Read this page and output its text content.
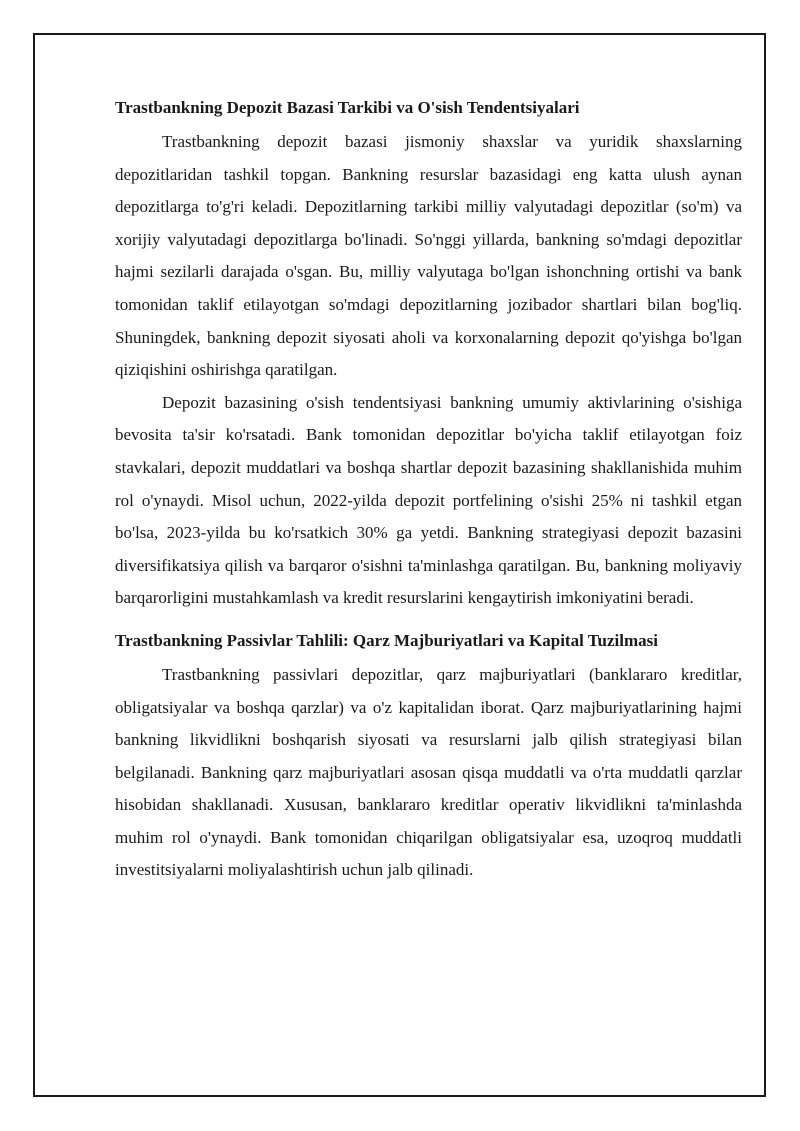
Trastbankning Depozit Bazasi Tarkibi va O'sish Tendentsiyalari

Trastbankning depozit bazasi jismoniy shaxslar va yuridik shaxslarning depozitlaridan tashkil topgan. Bankning resurslar bazasidagi eng katta ulush aynan depozitlarga to'g'ri keladi. Depozitlarning tarkibi milliy valyutadagi depozitlar (so'm) va xorijiy valyutadagi depozitlarga bo'linadi. So'nggi yillarda, bankning so'mdagi depozitlar hajmi sezilarli darajada o'sgan. Bu, milliy valyutaga bo'lgan ishonchning ortishi va bank tomonidan taklif etilayotgan so'mdagi depozitlarning jozibador shartlari bilan bog'liq. Shuningdek, bankning depozit siyosati aholi va korxonalarning depozit qo'yishga bo'lgan qiziqishini oshirishga qaratilgan.

Depozit bazasining o'sish tendentsiyasi bankning umumiy aktivlarining o'sishiga bevosita ta'sir ko'rsatadi. Bank tomonidan depozitlar bo'yicha taklif etilayotgan foiz stavkalari, depozit muddatlari va boshqa shartlar depozit bazasining shakllanishida muhim rol o'ynaydi. Misol uchun, 2022-yilda depozit portfelining o'sishi 25% ni tashkil etgan bo'lsa, 2023-yilda bu ko'rsatkich 30% ga yetdi. Bankning strategiyasi depozit bazasini diversifikatsiya qilish va barqaror o'sishni ta'minlashga qaratilgan. Bu, bankning moliyaviy barqarorligini mustahkamlash va kredit resurslarini kengaytirish imkoniyatini beradi.

Trastbankning Passivlar Tahlili: Qarz Majburiyatlari va Kapital Tuzilmasi

Trastbankning passivlari depozitlar, qarz majburiyatlari (banklararo kreditlar, obligatsiyalar va boshqa qarzlar) va o'z kapitalidan iborat. Qarz majburiyatlarining hajmi bankning likvidlikni boshqarish siyosati va resurslarni jalb qilish strategiyasi bilan belgilanadi. Bankning qarz majburiyatlari asosan qisqa muddatli va o'rta muddatli qarzlar hisobidan shakllanadi. Xususan, banklararo kreditlar operativ likvidlikni ta'minlashda muhim rol o'ynaydi. Bank tomonidan chiqarilgan obligatsiyalar esa, uzoqroq muddatli investitsiyalarni moliyalashtirish uchun jalb qilinadi.
